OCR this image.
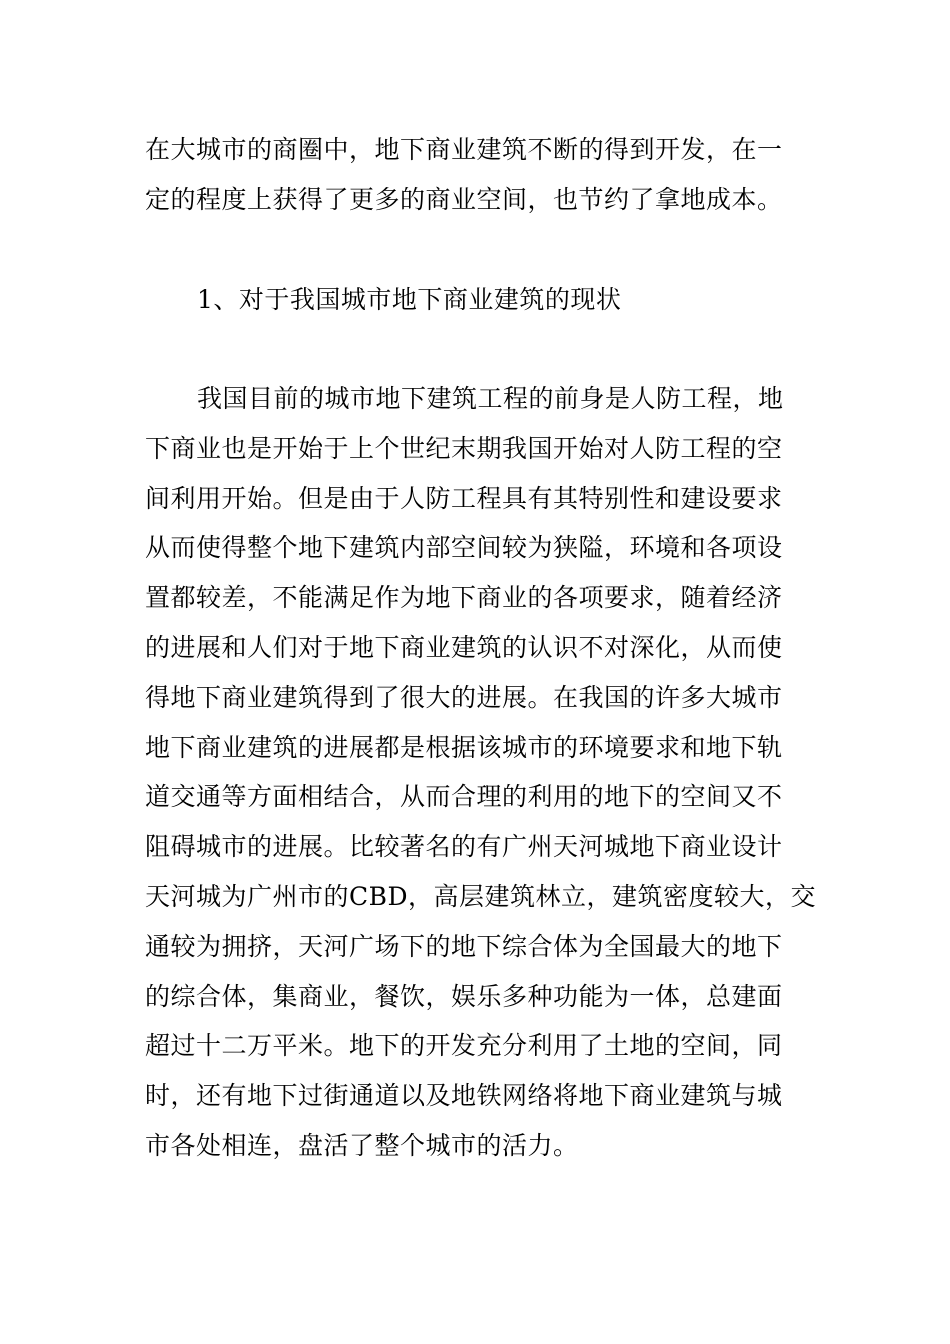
在大城市的商圈中，地下商业建筑不断的得到开发，在一
定的程度上获得了更多的商业空间，也节约了拿地成本。
1、对于我国城市地下商业建筑的现状
我国目前的城市地下建筑工程的前身是人防工程，地
下商业也是开始于上个世纪末期我国开始对人防工程的空
间利用开始。但是由于人防工程具有其特别性和建设要求
从而使得整个地下建筑内部空间较为狭隘，环境和各项设
置都较差，不能满足作为地下商业的各项要求，随着经济
的进展和人们对于地下商业建筑的认识不对深化，从而使
得地下商业建筑得到了很大的进展。在我国的许多大城市
地下商业建筑的进展都是根据该城市的环境要求和地下轨
道交通等方面相结合，从而合理的利用的地下的空间又不
阻碍城市的进展。比较著名的有广州天河城地下商业设计
天河城为广州市的CBD，高层建筑林立，建筑密度较大，交
通较为拥挤，天河广场下的地下综合体为全国最大的地下
的综合体，集商业，餐饮，娱乐多种功能为一体，总建面
超过十二万平米。地下的开发充分利用了土地的空间，同
时，还有地下过街通道以及地铁网络将地下商业建筑与城
市各处相连，盘活了整个城市的活力。
